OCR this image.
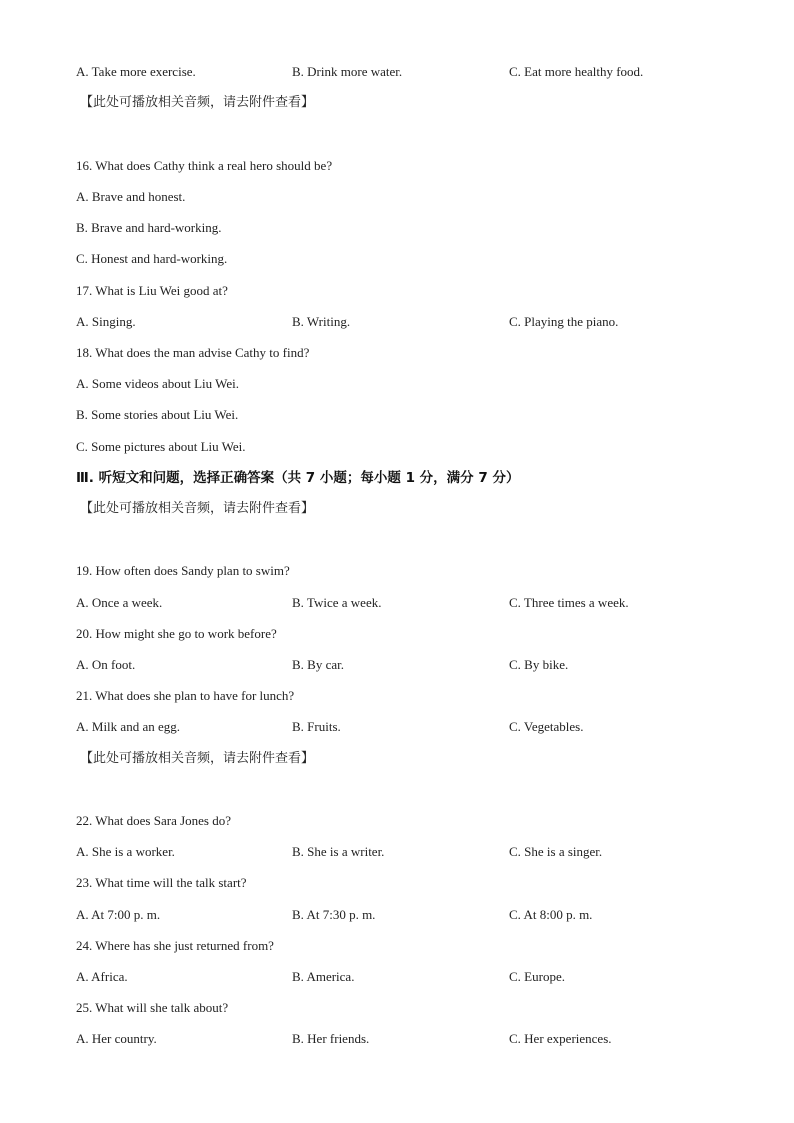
A. Take more exercise.	B. Drink more water.	C. Eat more healthy food.
【此处可播放相关音频，请去附件查看】
16. What does Cathy think a real hero should be?
A. Brave and honest.
B. Brave and hard-working.
C. Honest and hard-working.
17. What is Liu Wei good at?
A. Singing.	B. Writing.	C. Playing the piano.
18. What does the man advise Cathy to find?
A. Some videos about Liu Wei.
B. Some stories about Liu Wei.
C. Some pictures about Liu Wei.
Ⅲ. 听短文和问题，选择正确答案（共 7 小题；每小题 1 分，满分 7 分）
【此处可播放相关音频，请去附件查看】
19. How often does Sandy plan to swim?
A. Once a week.	B. Twice a week.	C. Three times a week.
20. How might she go to work before?
A. On foot.	B. By car.	C. By bike.
21. What does she plan to have for lunch?
A. Milk and an egg.	B. Fruits.	C. Vegetables.
【此处可播放相关音频，请去附件查看】
22. What does Sara Jones do?
A. She is a worker.	B. She is a writer.	C. She is a singer.
23. What time will the talk start?
A. At 7:00 p. m.	B. At 7:30 p. m.	C. At 8:00 p. m.
24. Where has she just returned from?
A. Africa.	B. America.	C. Europe.
25. What will she talk about?
A. Her country.	B. Her friends.	C. Her experiences.
